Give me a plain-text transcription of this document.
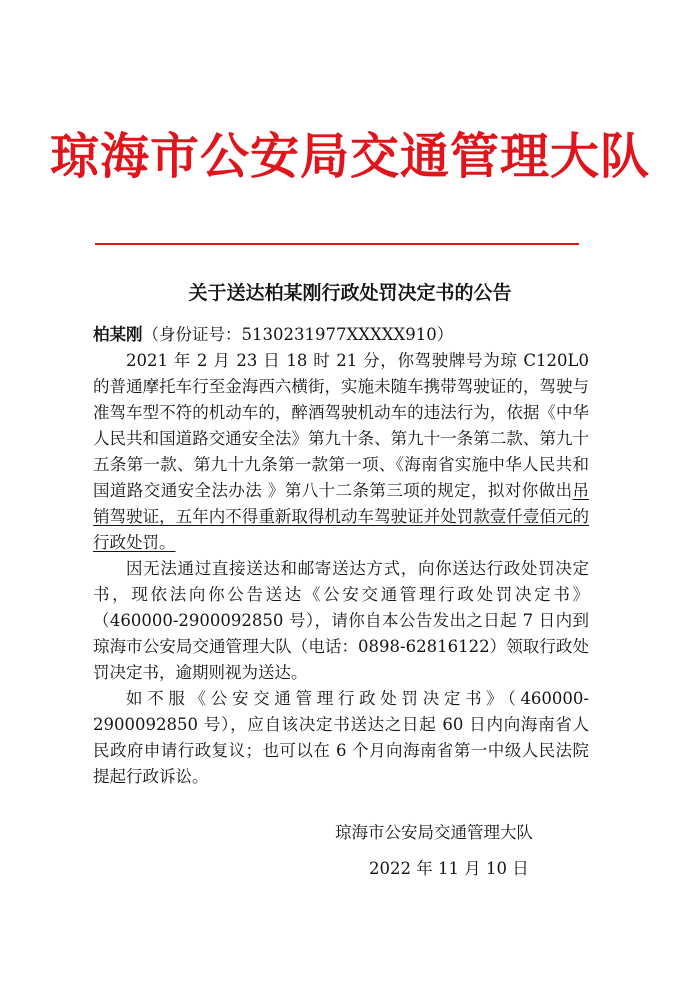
琼海市公安局交通管理大队
关于送达柏某刚行政处罚决定书的公告

柏某刚（身份证号：5130231977XXXXX910）

2021 年 2 月 23 日 18 时 21 分，你驾驶牌号为琼 C120L0 的普通摩托车行至金海西六横街，实施未随车携带驾驶证的，驾驶与准驾车型不符的机动车的，醉酒驾驶机动车的违法行为，依据《中华人民共和国道路交通安全法》第九十条、第九十一条第二款、第九十五条第一款、第九十九条第一款第一项、《海南省实施中华人民共和国道路交通安全法办法 》第八十二条第三项的规定，拟对你做出吊销驾驶证，五年内不得重新取得机动车驾驶证并处罚款壹仟壹佰元的行政处罚。

因无法通过直接送达和邮寄送达方式，向你送达行政处罚决定书，现依法向你公告送达《公安交通管理行政处罚决定书》（460000-2900092850 号），请你自本公告发出之日起 7 日内到琼海市公安局交通管理大队（电话：0898-62816122）领取行政处罚决定书，逾期则视为送达。

如不服《公安交通管理行政处罚决定书》（460000-2900092850 号），应自该决定书送达之日起 60 日内向海南省人民政府申请行政复议；也可以在 6 个月向海南省第一中级人民法院提起行政诉讼。

琼海市公安局交通管理大队
2022 年 11 月 10 日
